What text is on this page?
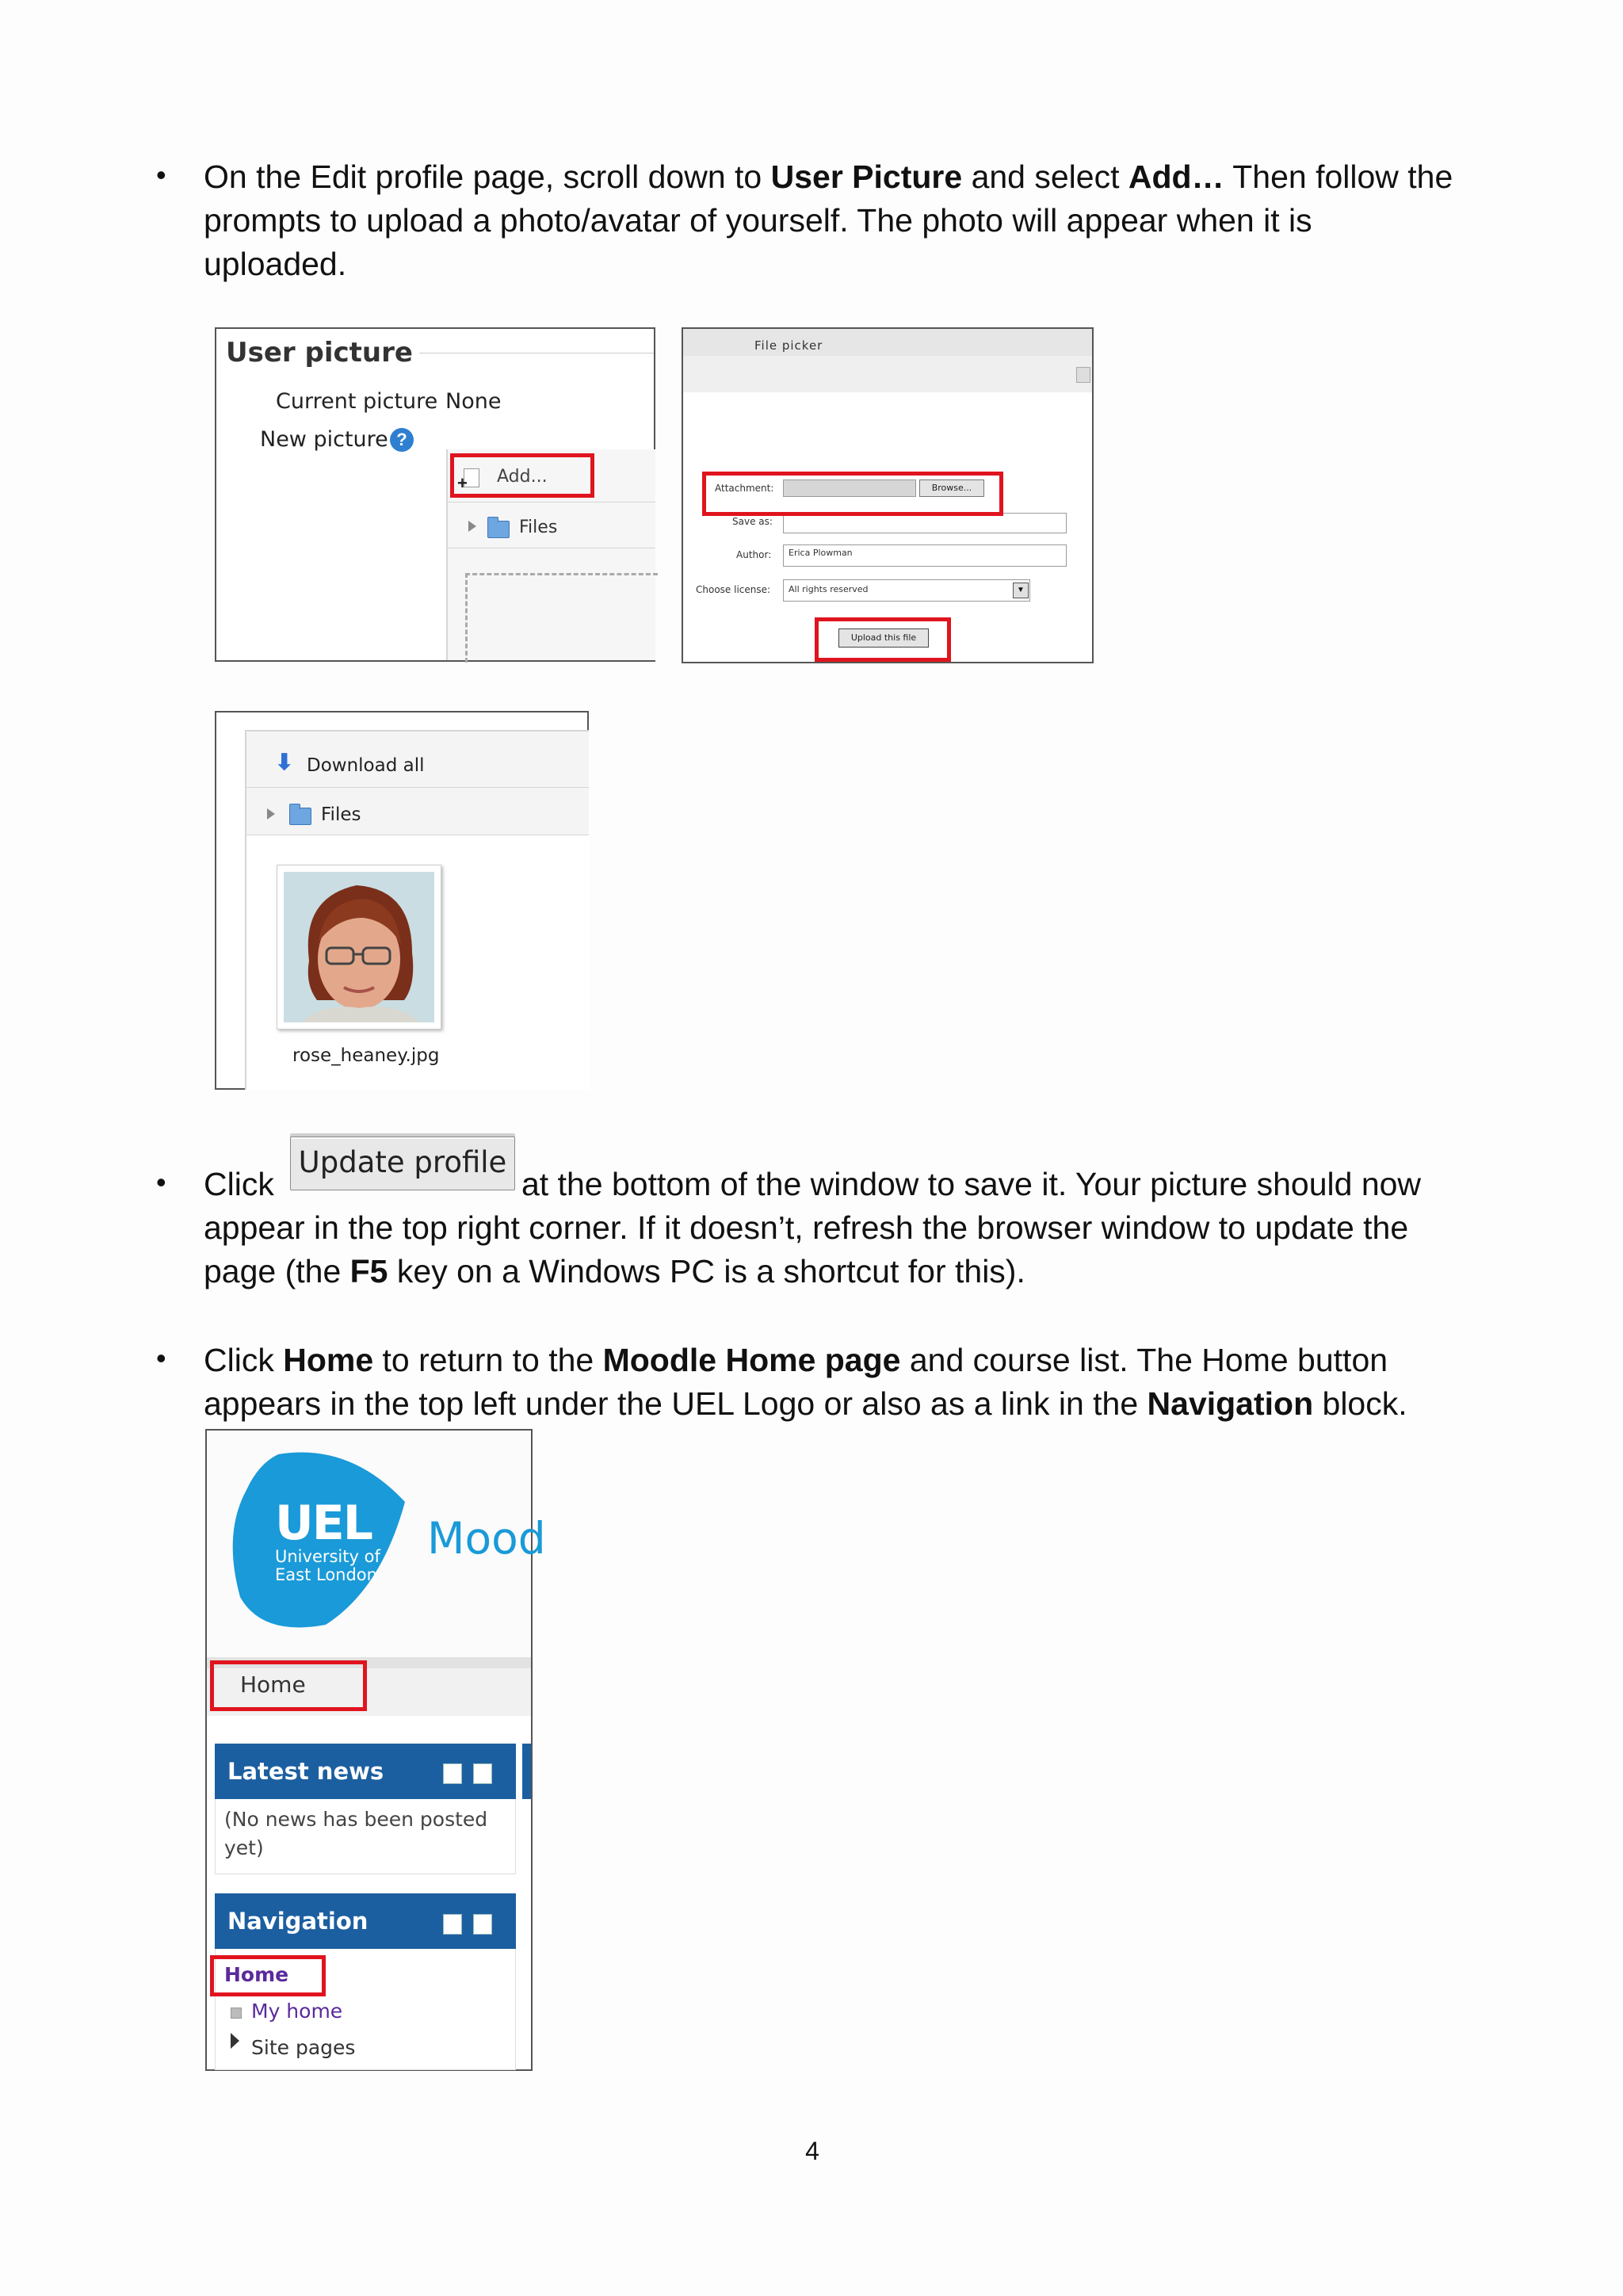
• On the Edit profile page, scroll down to User Picture and select Add… Then follow the
prompts to upload a photo/avatar of yourself. The photo will appear when it is
uploaded.
User picture
Current picture None
New picture ?
+ Add...
Files
File picker
Attachment:	Browse...
Save as:
Author: Erica Plowman
Choose license: All rights reserved	▼
Upload this file
⬇ Download all
Files
rose_heaney.jpg
• Click
Update profile
at the bottom of the window to save it. Your picture should now
appear in the top right corner. If it doesn’t, refresh the browser window to update the
page (the F5 key on a Windows PC is a shortcut for this).
• Click Home to return to the Moodle Home page and course list. The Home button
appears in the top left under the UEL Logo or also as a link in the Navigation block.
UEL
University of
East London
Mood
Home
Latest news
(No news has been posted
yet)
Navigation
Home
My home
Site pages
4
